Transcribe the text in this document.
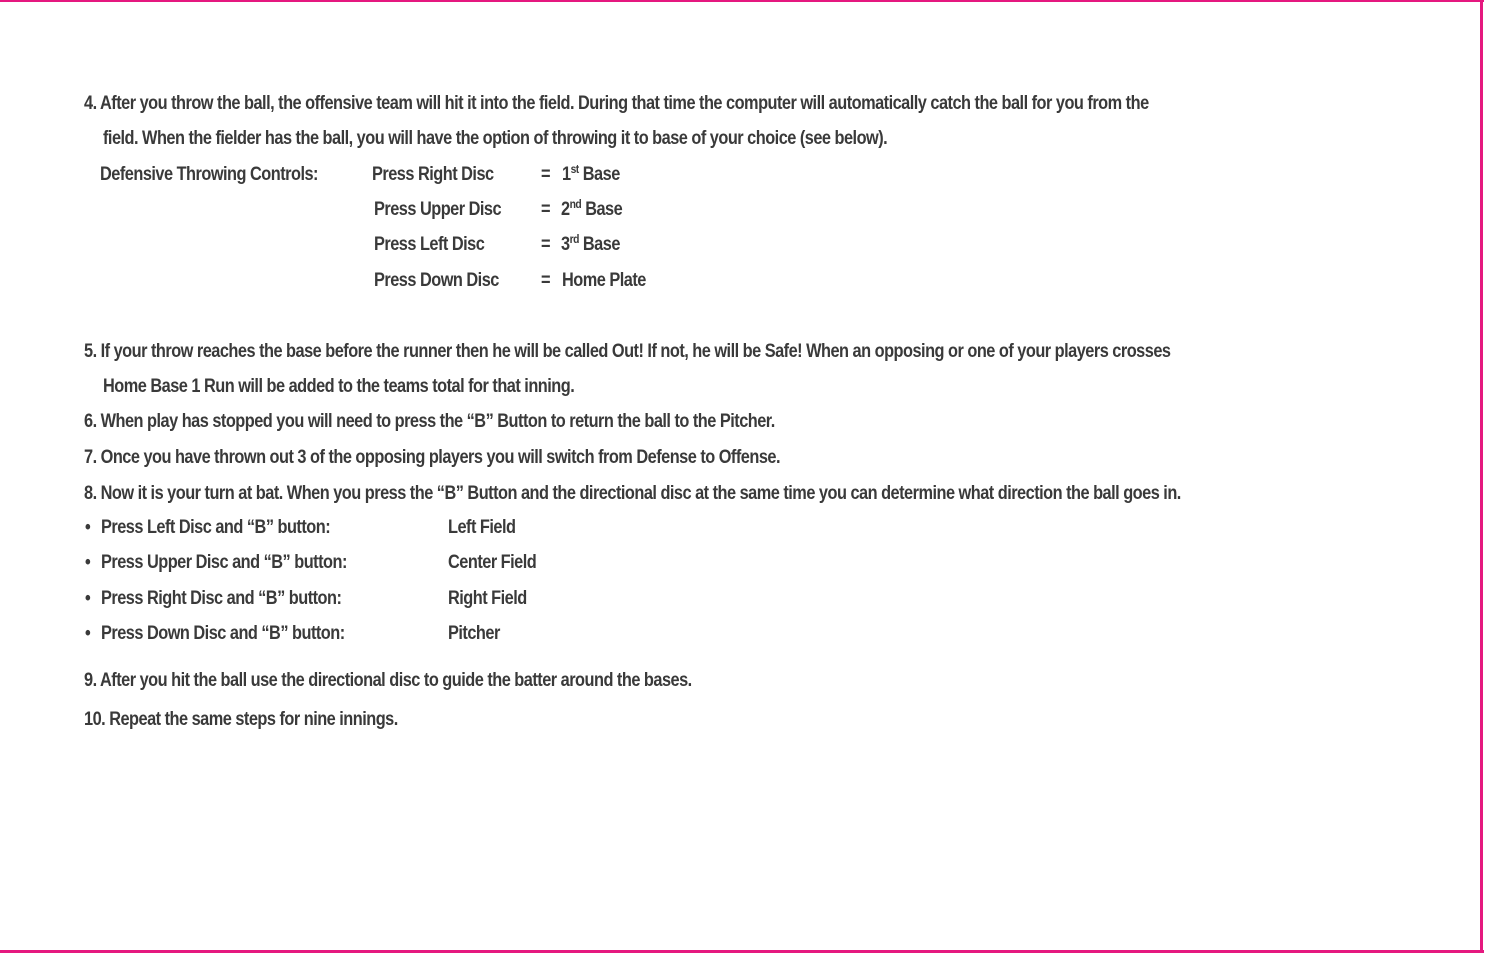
4. After you throw the ball, the offensive team will hit it into the field. During that time the computer will automatically catch the ball for you from the
field. When the fielder has the ball, you will have the option of throwing it to base of your choice (see below).
Defensive Throwing Controls:	Press Right Disc = 1st Base
Press Upper Disc = 2nd Base
Press Left Disc	= 3rd Base
Press Down Disc = Home Plate
5. If your throw reaches the base before the runner then he will be called Out! If not, he will be Safe! When an opposing or one of your players crosses
Home Base 1 Run will be added to the teams total for that inning.
6. When play has stopped you will need to press the “B” Button to return the ball to the Pitcher.
7. Once you have thrown out 3 of the opposing players you will switch from Defense to Offense.
8. Now it is your turn at bat. When you press the “B” Button and the directional disc at the same time you can determine what direction the ball goes in.
• Press Left Disc and “B” button:	Left Field
• Press Upper Disc and “B” button:	Center Field
• Press Right Disc and “B” button:	Right Field
• Press Down Disc and “B” button:	Pitcher
9. After you hit the ball use the directional disc to guide the batter around the bases.
10. Repeat the same steps for nine innings.
